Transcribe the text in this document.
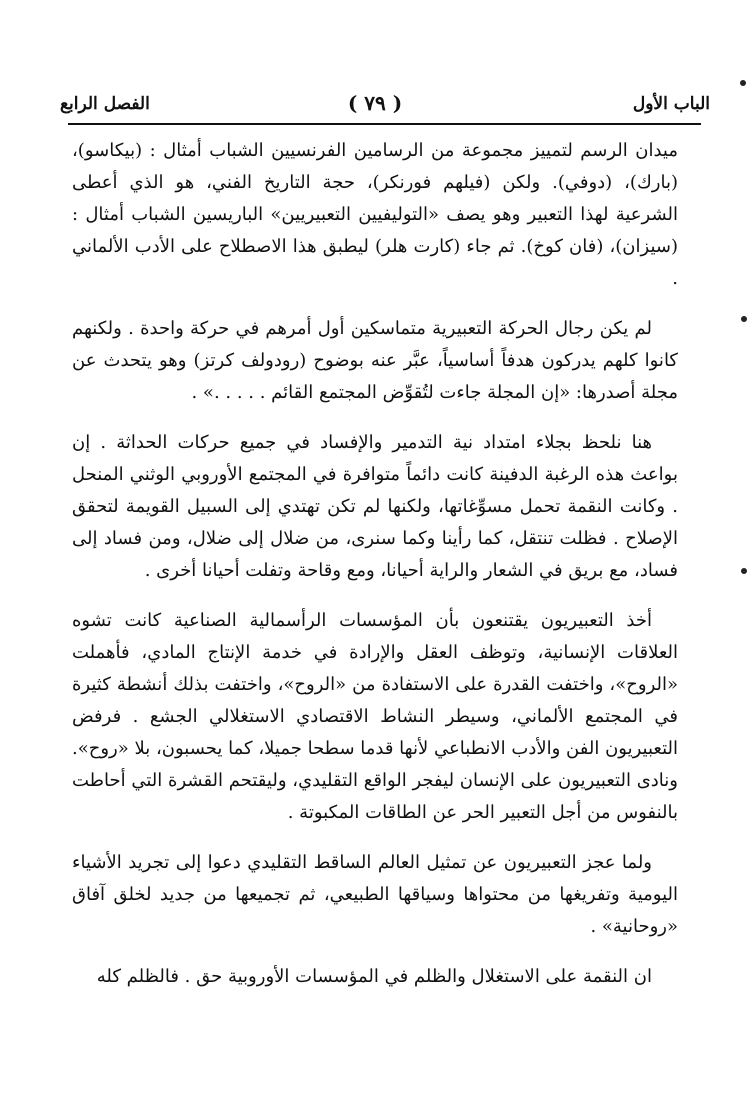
الباب الأول
( ٧٩ )
الفصل الرابع

ميدان الرسم لتمييز مجموعة من الرسامين الفرنسيين الشباب أمثال : (بيكاسو)، (بارك)، (دوفي). ولكن (فيلهم فورنكر)، حجة التاريخ الفني، هو الذي أعطى الشرعية لهذا التعبير وهو يصف «التوليفيين التعبيريين» الباريسين الشباب أمثال : (سيزان)، (فان كوخ). ثم جاء (كارت هلر) ليطبق هذا الاصطلاح على الأدب الألماني .

لم يكن رجال الحركة التعبيرية متماسكين أول أمرهم في حركة واحدة . ولكنهم كانوا كلهم يدركون هدفاً أساسياً، عبَّر عنه بوضوح (رودولف كرتز) وهو يتحدث عن مجلة أصدرها: «إن المجلة جاءت لتُقوِّض المجتمع القائم . . . . .» .

هنا نلحظ بجلاء امتداد نية التدمير والإفساد في جميع حركات الحداثة . إن بواعث هذه الرغبة الدفينة كانت دائماً متوافرة في المجتمع الأوروبي الوثني المنحل . وكانت النقمة تحمل مسوِّغاتها، ولكنها لم تكن تهتدي إلى السبيل القويمة لتحقق الإصلاح . فظلت تنتقل، كما رأينا وكما سنرى، من ضلال إلى ضلال، ومن فساد إلى فساد، مع بريق في الشعار والراية أحيانا، ومع وقاحة وتفلت أحيانا أخرى .

أخذ التعبيريون يقتنعون بأن المؤسسات الرأسمالية الصناعية كانت تشوه العلاقات الإنسانية، وتوظف العقل والإرادة في خدمة الإنتاج المادي، فأهملت «الروح»، واختفت القدرة على الاستفادة من «الروح»، واختفت بذلك أنشطة كثيرة في المجتمع الألماني، وسيطر النشاط الاقتصادي الاستغلالي الجشع . فرفض التعبيريون الفن والأدب الانطباعي لأنها قدما سطحا جميلا، كما يحسبون، بلا «روح». ونادى التعبيريون على الإنسان ليفجر الواقع التقليدي، وليقتحم القشرة التي أحاطت بالنفوس من أجل التعبير الحر عن الطاقات المكبوتة .

ولما عجز التعبيريون عن تمثيل العالم الساقط التقليدي دعوا إلى تجريد الأشياء اليومية وتفريغها من محتواها وسياقها الطبيعي، ثم تجميعها من جديد لخلق آفاق «روحانية» .

ان النقمة على الاستغلال والظلم في المؤسسات الأوروبية حق . فالظلم كله
